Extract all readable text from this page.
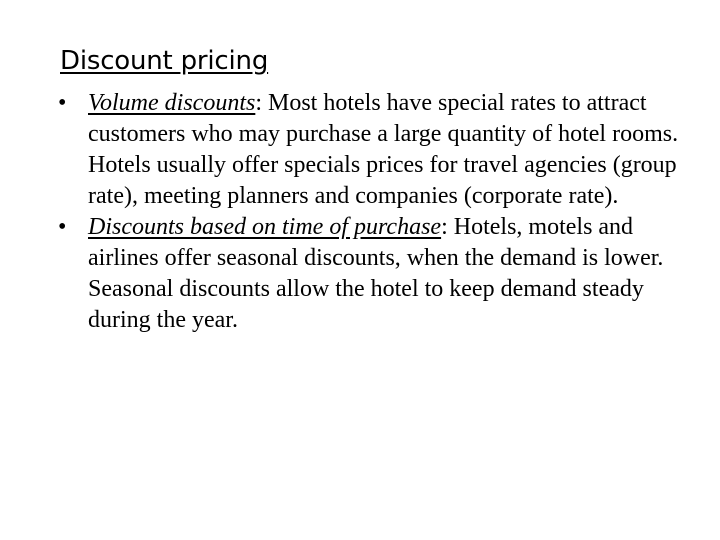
Discount pricing
• Volume discounts: Most hotels have special rates to attract customers who may purchase a large quantity of hotel rooms. Hotels usually offer specials prices for travel agencies (group rate), meeting planners and companies (corporate rate).
• Discounts based on time of purchase: Hotels, motels and airlines offer seasonal discounts, when the demand is lower. Seasonal discounts allow the hotel to keep demand steady during the year.
